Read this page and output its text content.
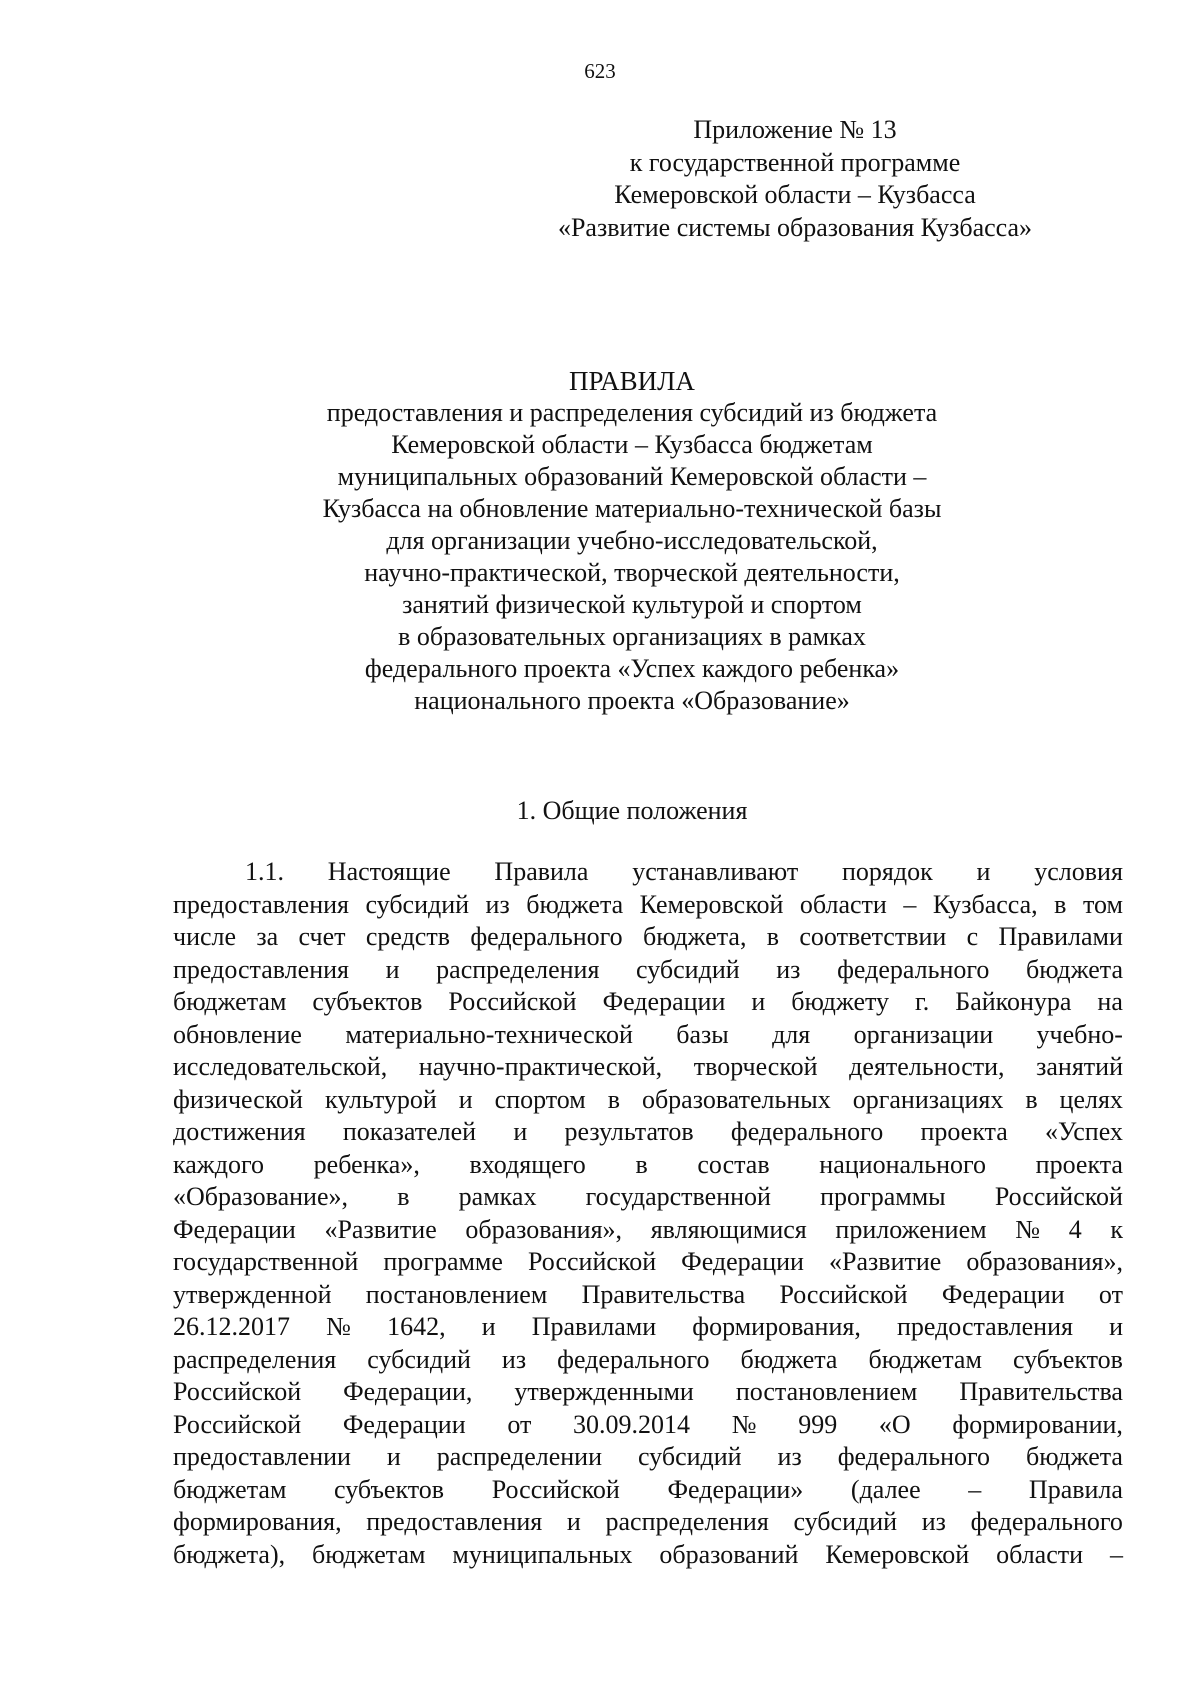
623
Приложение № 13
к государственной программе
Кемеровской области – Кузбасса
«Развитие системы образования Кузбасса»
ПРАВИЛА
предоставления и распределения субсидий из бюджета
Кемеровской области – Кузбасса бюджетам
муниципальных образований Кемеровской области –
Кузбасса на обновление материально-технической базы
для организации учебно-исследовательской,
научно-практической, творческой деятельности,
занятий физической культурой и спортом
в образовательных организациях в рамках
федерального проекта «Успех каждого ребенка»
национального проекта «Образование»
1. Общие положения
1.1. Настоящие Правила устанавливают порядок и условия
предоставления субсидий из бюджета Кемеровской области – Кузбасса, в том
числе за счет средств федерального бюджета, в соответствии с Правилами
предоставления и распределения субсидий из федерального бюджета
бюджетам субъектов Российской Федерации и бюджету г. Байконура на
обновление материально-технической базы для организации учебно-
исследовательской, научно-практической, творческой деятельности, занятий
физической культурой и спортом в образовательных организациях в целях
достижения показателей и результатов федерального проекта «Успех
каждого ребенка», входящего в состав национального проекта
«Образование», в рамках государственной программы Российской
Федерации «Развитие образования», являющимися приложением № 4 к
государственной программе Российской Федерации «Развитие образования»,
утвержденной постановлением Правительства Российской Федерации от
26.12.2017 № 1642, и Правилами формирования, предоставления и
распределения субсидий из федерального бюджета бюджетам субъектов
Российской Федерации, утвержденными постановлением Правительства
Российской Федерации от 30.09.2014 № 999 «О формировании,
предоставлении и распределении субсидий из федерального бюджета
бюджетам субъектов Российской Федерации» (далее – Правила
формирования, предоставления и распределения субсидий из федерального
бюджета), бюджетам муниципальных образований Кемеровской области –
